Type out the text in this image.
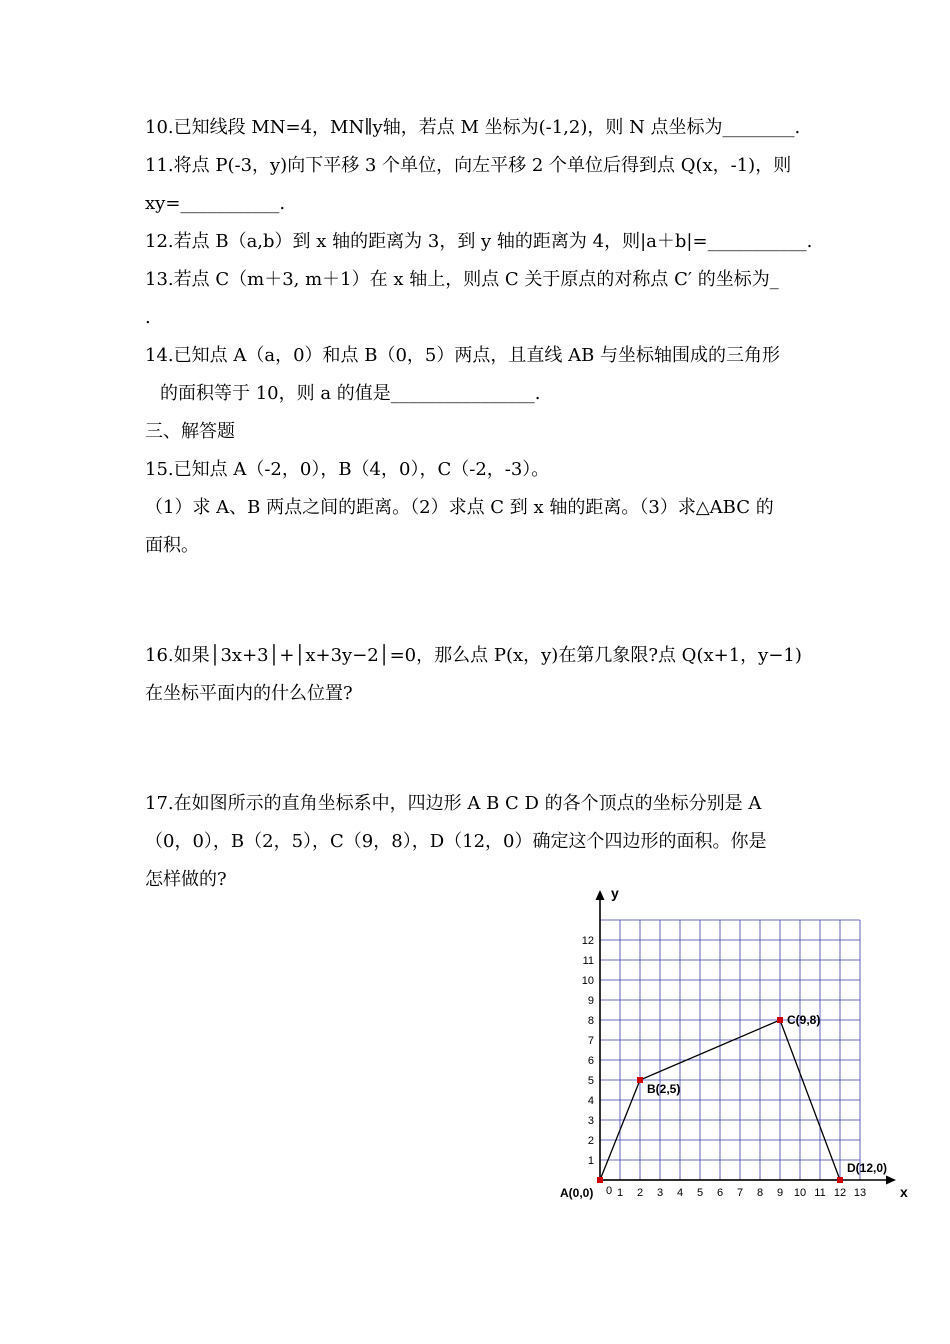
10.已知线段 MN=4，MN∥y轴，若点 M 坐标为(-1,2)，则 N 点坐标为________.
11.将点 P(-3，y)向下平移 3 个单位，向左平移 2 个单位后得到点 Q(x，-1)，则
xy=___________.
12.若点 B（a,b）到 x 轴的距离为 3，到 y 轴的距离为 4，则|a＋b|=___________.
13.若点 C（m＋3, m＋1）在 x 轴上，则点 C 关于原点的对称点 C′ 的坐标为_
.
14.已知点 A（a，0）和点 B（0，5）两点，且直线 AB 与坐标轴围成的三角形
的面积等于 10，则 a 的值是________________.
三、解答题
15.已知点 A（-2，0），B（4，0），C（-2，-3）。
（1）求 A、B 两点之间的距离。（2）求点 C 到 x 轴的距离。（3）求△ABC 的
面积。
16.如果│3x+3│+│x+3y−2│=0，那么点 P(x，y)在第几象限?点 Q(x+1，y−1)
在坐标平面内的什么位置?
17.在如图所示的直角坐标系中，四边形 A B C D 的各个顶点的坐标分别是 A
（0，0），B（2，5），C（9，8），D（12，0）确定这个四边形的面积。你是
怎样做的?
1
2
3
4
5
6
7
8
9
10
11
12
1 2 3 4 5 6 7 8 9 10 11 12 13
0
A(0,0)
B(2,5)
C(9,8)
D(12,0)
x
y
